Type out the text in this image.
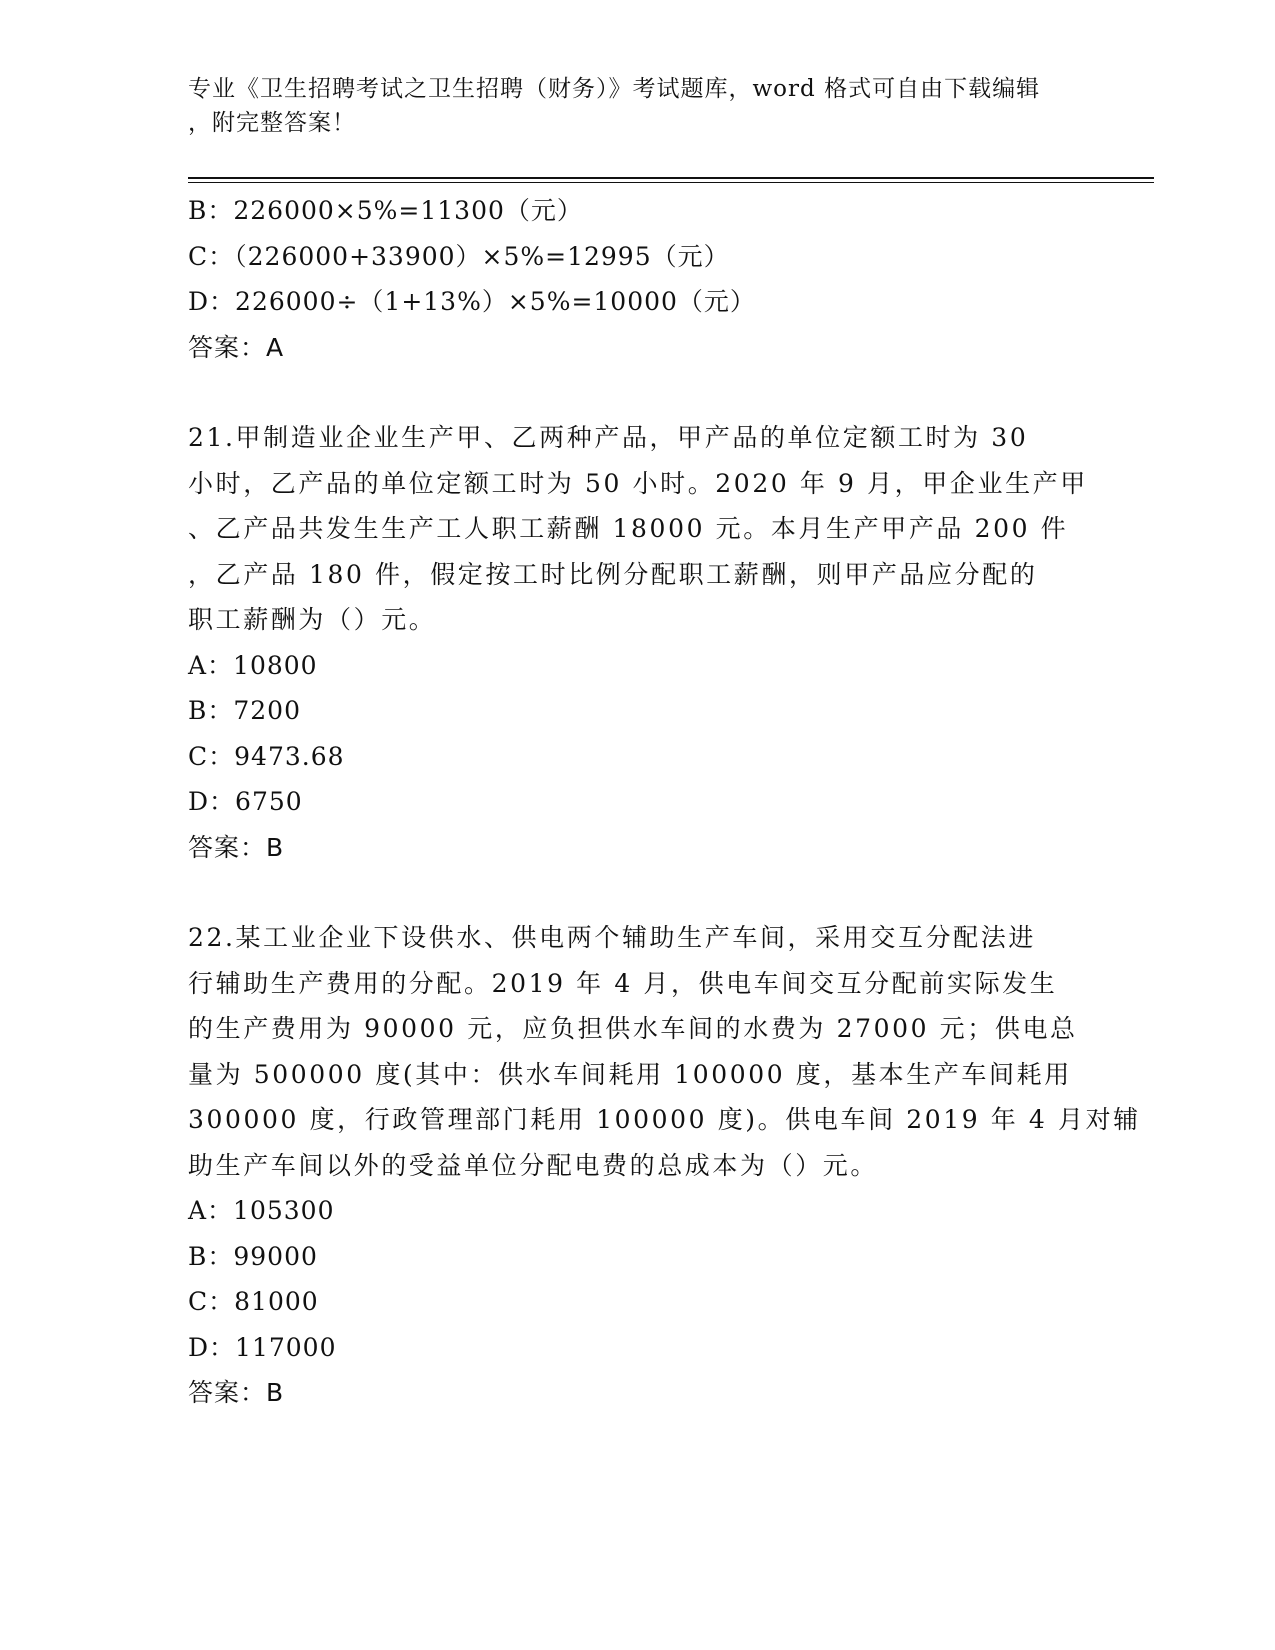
专业《卫生招聘考试之卫生招聘（财务）》考试题库，word 格式可自由下载编辑
，附完整答案！
B：226000×5%=11300（元）
C：（226000+33900）×5%=12995（元）
D：226000÷（1+13%）×5%=10000（元）
答案：A
21.甲制造业企业生产甲、乙两种产品，甲产品的单位定额工时为 30
小时，乙产品的单位定额工时为 50 小时。2020 年 9 月，甲企业生产甲
、乙产品共发生生产工人职工薪酬 18000 元。本月生产甲产品 200 件
，乙产品 180 件，假定按工时比例分配职工薪酬，则甲产品应分配的
职工薪酬为（）元。
A：10800
B：7200
C：9473.68
D：6750
答案：B
22.某工业企业下设供水、供电两个辅助生产车间，采用交互分配法进
行辅助生产费用的分配。2019 年 4 月，供电车间交互分配前实际发生
的生产费用为 90000 元，应负担供水车间的水费为 27000 元；供电总
量为 500000 度(其中：供水车间耗用 100000 度，基本生产车间耗用
300000 度，行政管理部门耗用 100000 度)。供电车间 2019 年 4 月对辅
助生产车间以外的受益单位分配电费的总成本为（）元。
A：105300
B：99000
C：81000
D：117000
答案：B
